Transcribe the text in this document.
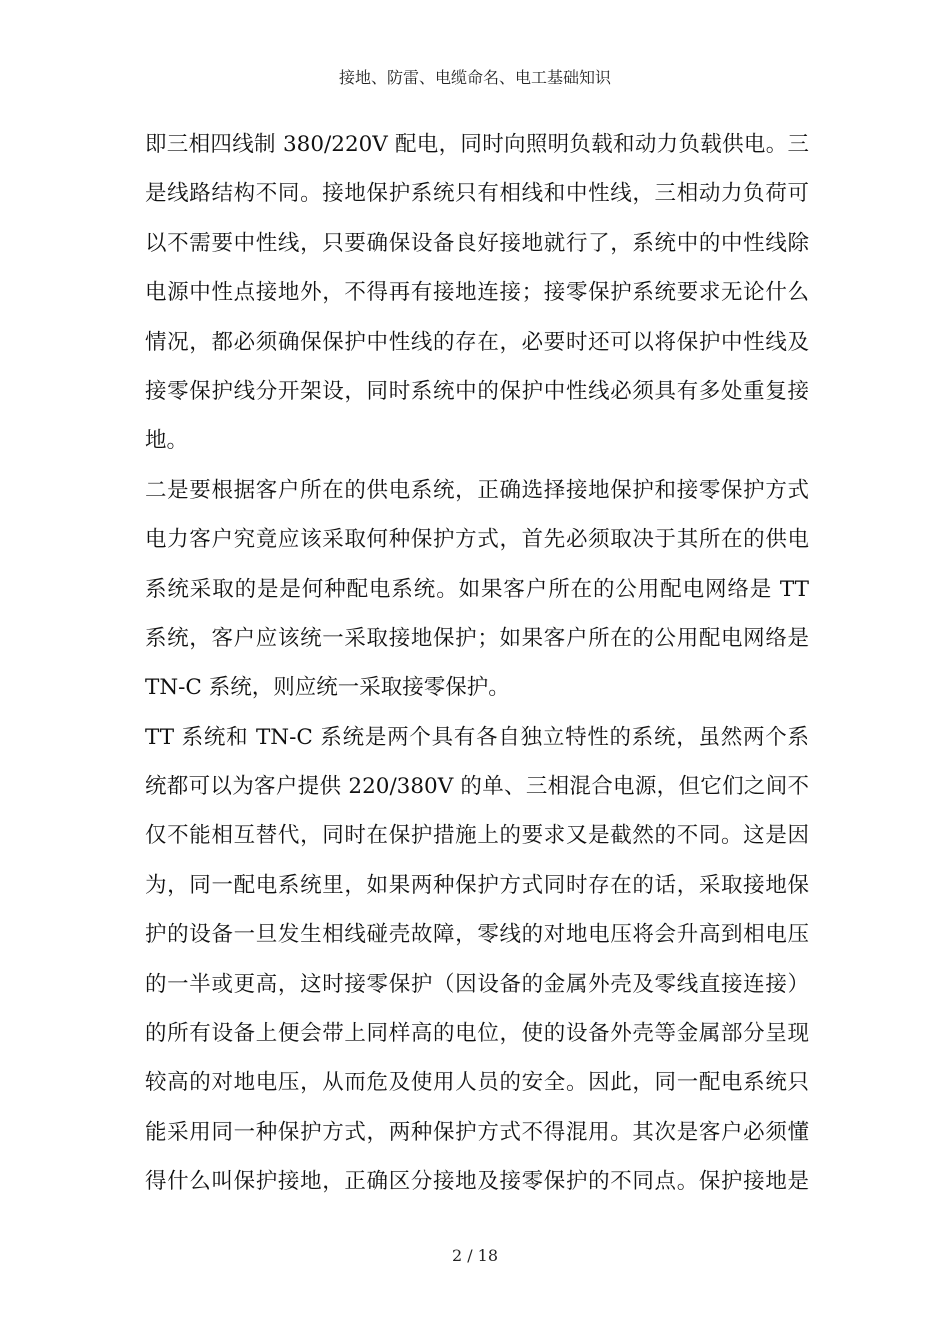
接地、防雷、电缆命名、电工基础知识
即三相四线制 380/220V 配电，同时向照明负载和动力负载供电。三
是线路结构不同。接地保护系统只有相线和中性线，三相动力负荷可
以不需要中性线，只要确保设备良好接地就行了，系统中的中性线除
电源中性点接地外，不得再有接地连接；接零保护系统要求无论什么
情况，都必须确保保护中性线的存在，必要时还可以将保护中性线及
接零保护线分开架设，同时系统中的保护中性线必须具有多处重复接
地。
二是要根据客户所在的供电系统，正确选择接地保护和接零保护方式
电力客户究竟应该采取何种保护方式，首先必须取决于其所在的供电
系统采取的是是何种配电系统。如果客户所在的公用配电网络是 TT
系统，客户应该统一采取接地保护；如果客户所在的公用配电网络是
TN-C 系统，则应统一采取接零保护。
TT 系统和 TN-C 系统是两个具有各自独立特性的系统，虽然两个系
统都可以为客户提供 220/380V 的单、三相混合电源，但它们之间不
仅不能相互替代，同时在保护措施上的要求又是截然的不同。这是因
为，同一配电系统里，如果两种保护方式同时存在的话，采取接地保
护的设备一旦发生相线碰壳故障，零线的对地电压将会升高到相电压
的一半或更高，这时接零保护（因设备的金属外壳及零线直接连接）
的所有设备上便会带上同样高的电位，使的设备外壳等金属部分呈现
较高的对地电压，从而危及使用人员的安全。因此，同一配电系统只
能采用同一种保护方式，两种保护方式不得混用。其次是客户必须懂
得什么叫保护接地，正确区分接地及接零保护的不同点。保护接地是
2 / 18
